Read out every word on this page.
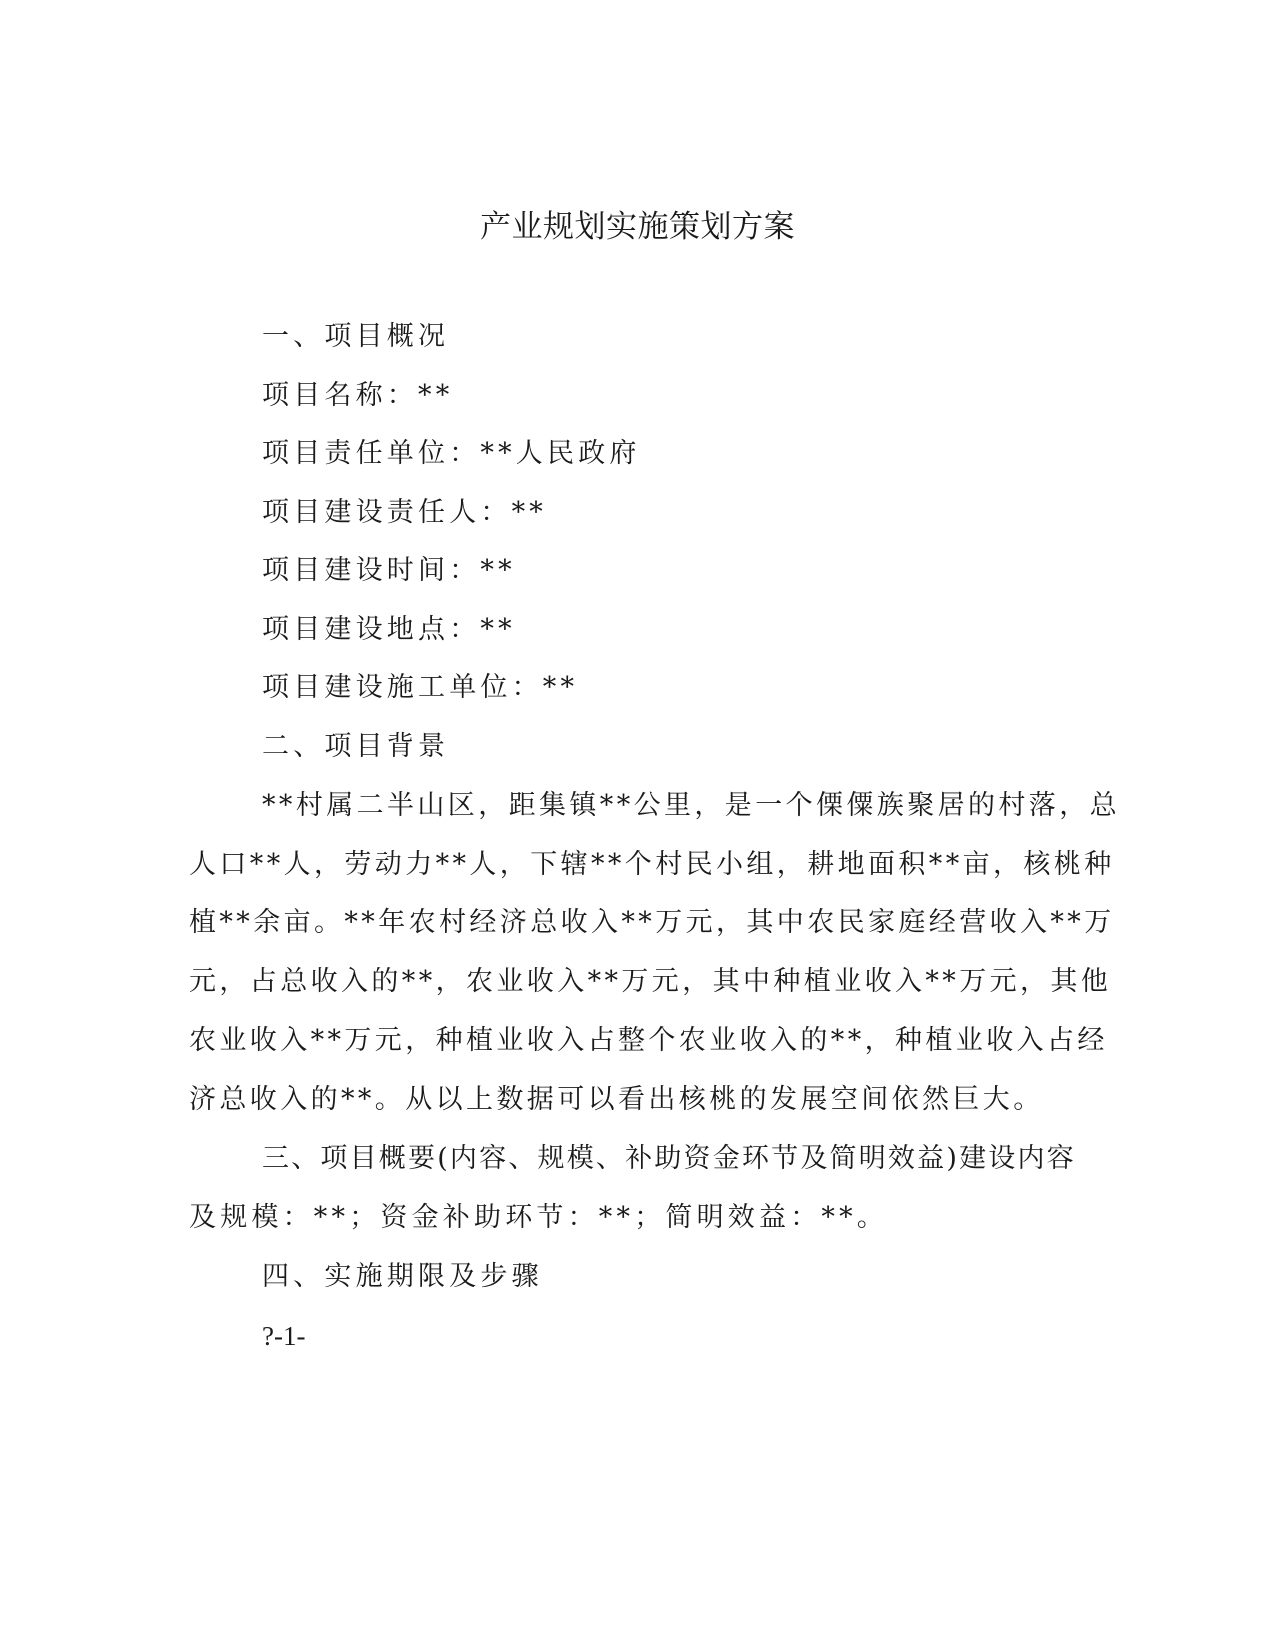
产业规划实施策划方案

一、项目概况

项目名称：**

项目责任单位：**人民政府

项目建设责任人：**

项目建设时间：**

项目建设地点：**

项目建设施工单位：**

二、项目背景

**村属二半山区，距集镇**公里，是一个傈僳族聚居的村落，总

人口**人，劳动力**人，下辖**个村民小组，耕地面积**亩，核桃种

植**余亩。**年农村经济总收入**万元，其中农民家庭经营收入**万

元，占总收入的**，农业收入**万元，其中种植业收入**万元，其他

农业收入**万元，种植业收入占整个农业收入的**，种植业收入占经

济总收入的**。从以上数据可以看出核桃的发展空间依然巨大。

三、项目概要(内容、规模、补助资金环节及简明效益)建设内容

及规模：**；资金补助环节：**；简明效益：**。

四、实施期限及步骤

?-1-
